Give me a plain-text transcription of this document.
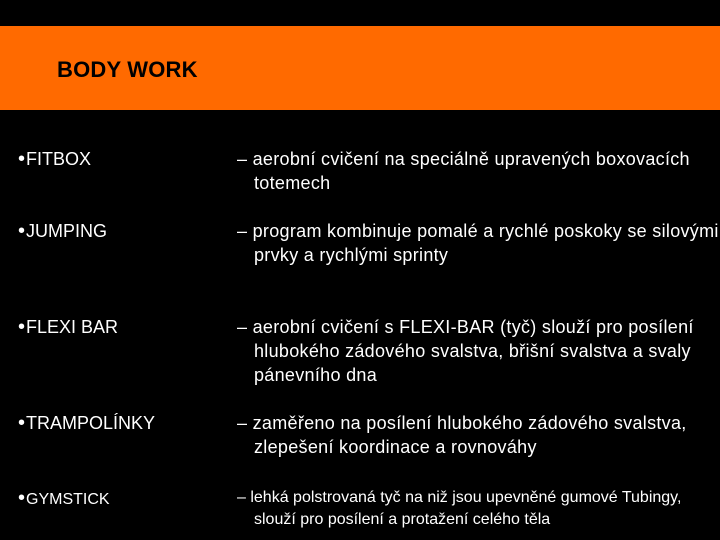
BODY WORK
•FITBOX	– aerobní cvičení na speciálně upravených boxovacích totemech
•JUMPING	– program kombinuje pomalé a rychlé poskoky se silovými prvky a rychlými sprinty
•FLEXI BAR	– aerobní cvičení s FLEXI-BAR (tyč) slouží pro posílení hlubokého zádového svalstva, břišní svalstva a svaly pánevního dna
•TRAMPOLÍNKY	– zaměřeno na posílení hlubokého zádového svalstva, zlepešení koordinace a rovnováhy
•GYMSTICK	– lehká polstrovaná tyč na niž jsou upevněné gumové Tubingy, slouží pro posílení a protažení celého těla
